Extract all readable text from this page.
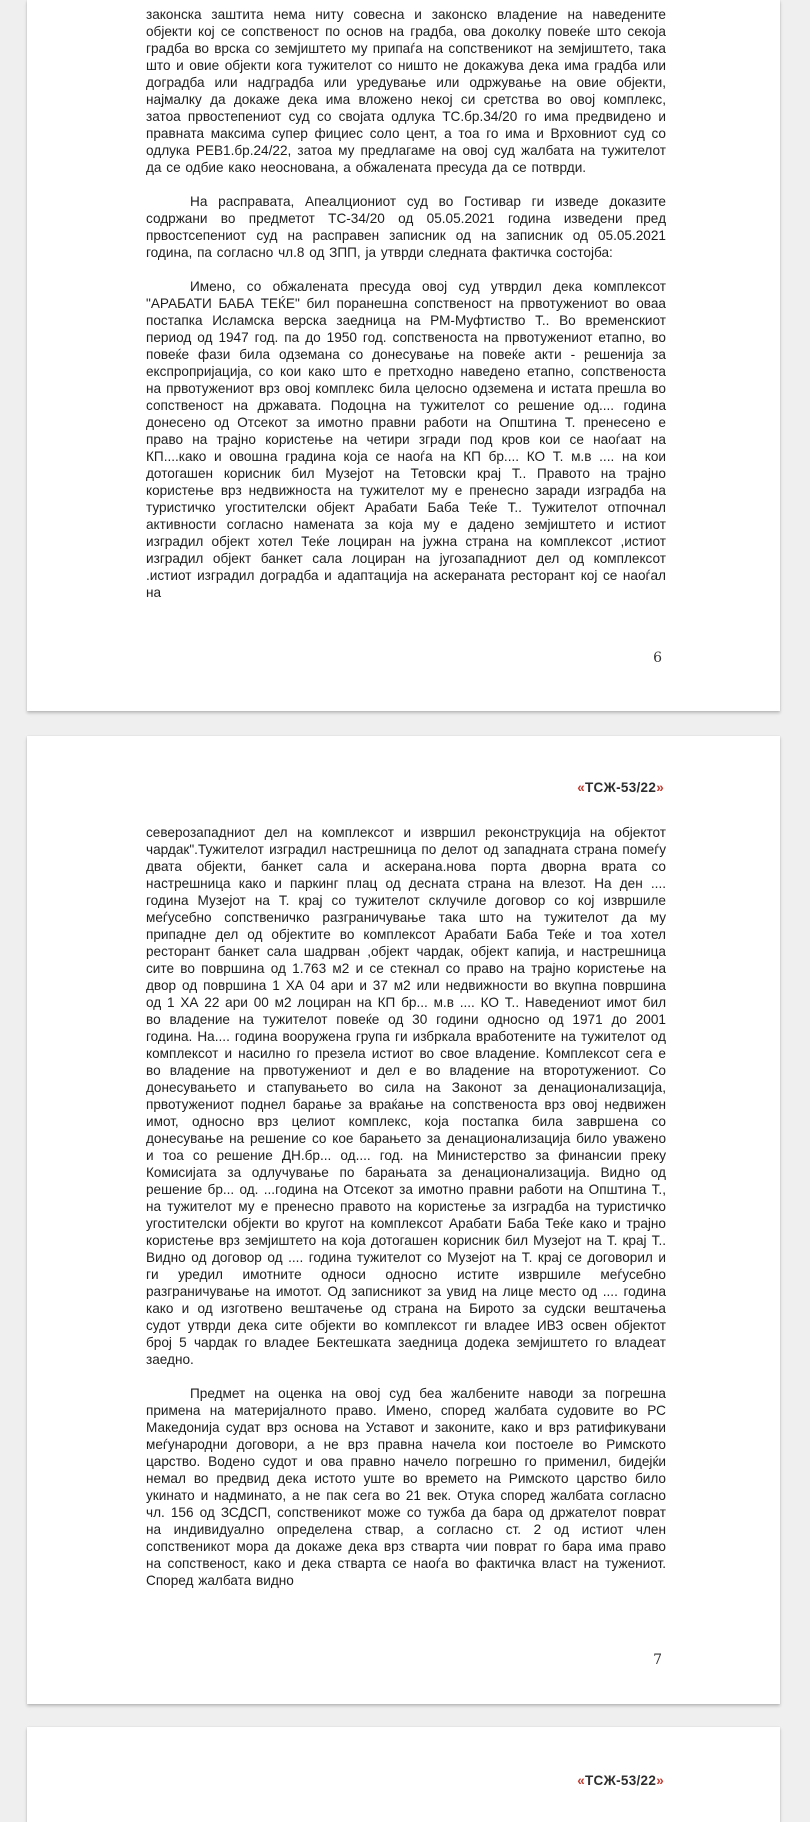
законска заштита нема ниту совесна и законско владение на наведените објекти кој се сопственост по основ на градба, ова доколку повеќе што секоја градба во врска со земјиштето му припаѓа на сопственикот на земјиштето, така што и овие објекти кога тужителот со ништо не докажува дека има градба или доградба или надградба или уредување или одржување на овие објекти, најмалку да докаже дека има вложено некој си сретства во овој комплекс, затоа првостепениот суд со својата одлука ТС.бр.34/20 го има предвидено и правната максима супер фициес соло цент, а тоа го има и Врховниот суд со одлука РЕВ1.бр.24/22, затоа му предлагаме на овој суд жалбата на тужителот да се одбие како неоснована, а обжалената пресуда да се потврди.

На расправата, Апеалциониот суд во Гостивар ги изведе доказите содржани во предметот ТС-34/20 од 05.05.2021 година изведени пред првостсепениот суд на расправен записник од на записник од 05.05.2021 година, па согласно чл.8 од ЗПП, ја утврди следната фактичка состојба:

Имено, со обжалената пресуда овој суд утврдил дека комплексот "АРАБАТИ БАБА ТЕЌЕ" бил поранешна сопственост на првотужениот во оваа постапка Исламска верска заедница на РМ-Муфтиство Т.. Во временскиот период од 1947 год. па до 1950 год. сопственоста на првотужениот етапно, во повеќе фази била одземана со донесување на повеќе акти - решенија за експропријација, со кои како што е претходно наведено етапно, сопственоста на првотужениот врз овој комплекс била целосно одземена и истата прешла во сопственост на државата. Подоцна на тужителот со решение од.... година донесено од Отсекот за имотно правни работи на Општина Т. пренесено е право на трајно користење на четири згради под кров кои се наоѓаат на КП....како и овошна градина која се наоѓа на КП бр.... КО Т. м.в .... на кои дотогашен корисник бил Музејот на Тетовски крај Т.. Правото на трајно користење врз недвижноста на тужителот му е пренесно заради изградба на туристичко угостителски објект Арабати Баба Теќе Т.. Тужителот отпочнал активности согласно намената за која му е дадено земјиштето и истиот изградил објект хотел Теќе лоциран на јужна страна на комплексот ,истиот изградил објект банкет сала лоциран на југозападниот дел од комплексот .истиот изградил доградба и адаптација на аскераната ресторант кој се наоѓал на

6
«ТСЖ-53/22»

северозападниот дел на комплексот и извршил реконструкција на објектот чардак".Тужителот изградил настрешница по делот од западната страна помеѓу двата објекти, банкет сала и аскерана.нова порта дворна врата со настрешница како и паркинг плац од десната страна на влезот. На ден .... година Музејот на Т. крај со тужителот склучиле договор со кој извршиле меѓусебно сопственичко разграничување така што на тужителот да му припадне дел од објектите во комплексот Арабати Баба Теќе и тоа хотел ресторант банкет сала шадрван ,објект чардак, објект капија, и настрешница сите во површина од 1.763 м2 и се стекнал со право на трајно користење на двор од површина 1 ХА 04 ари и 37 м2 или недвижности во вкупна површина од 1 ХА 22 ари 00 м2 лоциран на КП бр... м.в .... КО Т.. Наведениот имот бил во владение на тужителот повеќе од 30 години односно од 1971 до 2001 година. На.... година вооружена група ги избркала вработените на тужителот од комплексот и насилно го презела истиот во свое владение. Комплексот сега е во владение на првотужениот и дел е во владение на второтужениот. Со донесувањето и стапувањето во сила на Законот за денационализација, првотужениот поднел барање за враќање на сопственоста врз овој недвижен имот, односно врз целиот комплекс, која постапка била завршена со донесување на решение со кое барањето за денационализација било уважено и тоа со решение ДН.бр... од.... год. на Министерство за финансии преку Комисијата за одлучување по барањата за денационализација. Видно од решение бр... од. ...година на Отсекот за имотно правни работи на Општина Т., на тужителот му е пренесно правото на користење за изградба на туристичко угостителски објекти во кругот на комплексот Арабати Баба Теќе како и трајно користење врз земјиштето на која дотогашен корисник бил Музејот на Т. крај Т.. Видно од договор од .... година тужителот со Музејот на Т. крај се договорил и ги уредил имотните односи односно истите извршиле меѓусебно разграничување на имотот. Од записникот за увид на лице место од .... година како и од изготвено вештачење од страна на Бирото за судски вештачења судот утврди дека сите објекти во комплексот ги владее ИВЗ освен објектот број 5 чардак го владее Бектешката заедница додека земјиштето го владеат заедно.

Предмет на оценка на овој суд беа жалбените наводи за погрешна примена на материјалното право. Имено, според жалбата судовите во РС Македонија судат врз основа на Уставот и законите, како и врз ратификувани меѓународни договори, а не врз правна начела кои постоеле во Римското царство. Водено судот и ова правно начело погрешно го применил, бидејќи немал во предвид дека истото уште во времето на Римското царство било укинато и надминато, а не пак сега во 21 век. Отука според жалбата согласно чл. 156 од ЗСДСП, сопственикот може со тужба да бара од држателот поврат на индивидуално определена ствар, а согласно ст. 2 од истиот член сопственикот мора да докаже дека врз стварта чии поврат го бара има право на сопственост, како и дека стварта се наоѓа во фактичка власт на тужениот. Според жалбата видно

7
«ТСЖ-53/22»
